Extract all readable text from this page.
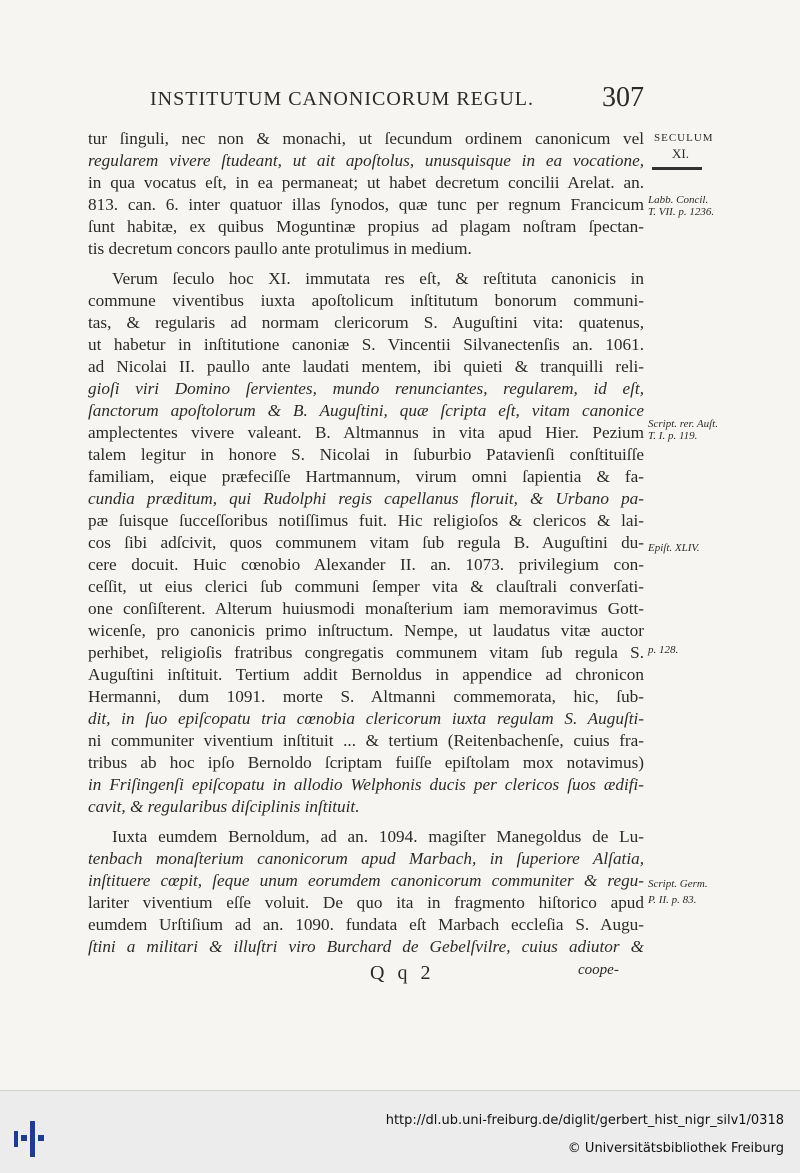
INSTITUTUM CANONICORUM REGUL. 307
SECULUM
XI.
Labb. Concil. T. VII. p. 1236.
Script. rer. Auſt. T. I. p. 119.
Epiſt. XLIV.
p. 128.
Script. Germ.
P. II. p. 83.
tur ſinguli, nec non & monachi, ut ſecundum ordinem canonicum vel
regularem vivere ſtudeant, ut ait apoſtolus, unusquisque in ea vocatione,
in qua vocatus eſt, in ea permaneat; ut habet decretum concilii Arelat. an.
813. can. 6. inter quatuor illas ſynodos, quæ tunc per regnum Francicum
ſunt habitæ, ex quibus Moguntinæ propius ad plagam noſtram ſpectan-
tis decretum concors paullo ante protulimus in medium.
Verum ſeculo hoc XI. immutata res eſt, & reſtituta canonicis in
commune viventibus iuxta apoſtolicum inſtitutum bonorum communi-
tas, & regularis ad normam clericorum S. Auguſtini vita: quatenus,
ut habetur in inſtitutione canoniæ S. Vincentii Silvanectenſis an. 1061.
ad Nicolai II. paullo ante laudati mentem, ibi quieti & tranquilli reli-
gioſi viri Domino ſervientes, mundo renunciantes, regularem, id eſt,
ſanctorum apoſtolorum & B. Auguſtini, quæ ſcripta eſt, vitam canonice
amplectentes vivere valeant. B. Altmannus in vita apud Hier. Pezium
talem legitur in honore S. Nicolai in ſuburbio Patavienſi conſtituiſſe
familiam, eique præfeciſſe Hartmannum, virum omni ſapientia & fa-
cundia præditum, qui Rudolphi regis capellanus floruit, & Urbano pa-
pæ ſuisque ſucceſſoribus notiſſimus fuit. Hic religioſos & clericos & lai-
cos ſibi adſcivit, quos communem vitam ſub regula B. Auguſtini du-
cere docuit. Huic cœnobio Alexander II. an. 1073. privilegium con-
ceſſit, ut eius clerici ſub communi ſemper vita & clauſtrali converſati-
one conſiſterent. Alterum huiusmodi monaſterium iam memoravimus Gott-
wicenſe, pro canonicis primo inſtructum. Nempe, ut laudatus vitæ auctor
perhibet, religioſis fratribus congregatis communem vitam ſub regula S.
Auguſtini inſtituit. Tertium addit Bernoldus in appendice ad chronicon
Hermanni, dum 1091. morte S. Altmanni commemorata, hic, ſub-
dit, in ſuo epiſcopatu tria cœnobia clericorum iuxta regulam S. Auguſti-
ni communiter viventium inſtituit ... & tertium (Reitenbachenſe, cuius fra-
tribus ab hoc ipſo Bernoldo ſcriptam fuiſſe epiſtolam mox notavimus)
in Friſingenſi epiſcopatu in allodio Welphonis ducis per clericos ſuos ædifi-
cavit, & regularibus diſciplinis inſtituit.
Iuxta eumdem Bernoldum, ad an. 1094. magiſter Manegoldus de Lu-
tenbach monaſterium canonicorum apud Marbach, in ſuperiore Alſatia,
inſtituere cœpit, ſeque unum eorumdem canonicorum communiter & regu-
lariter viventium eſſe voluit. De quo ita in fragmento hiſtorico apud
eumdem Urſtiſium ad an. 1090. fundata eſt Marbach eccleſia S. Augu-
ſtini a militari & illuſtri viro Burchard de Gebelſvilre, cuius adiutor &
Q q 2	coope-
http://dl.ub.uni-freiburg.de/diglit/gerbert_hist_nigr_silv1/0318
© Universitätsbibliothek Freiburg
